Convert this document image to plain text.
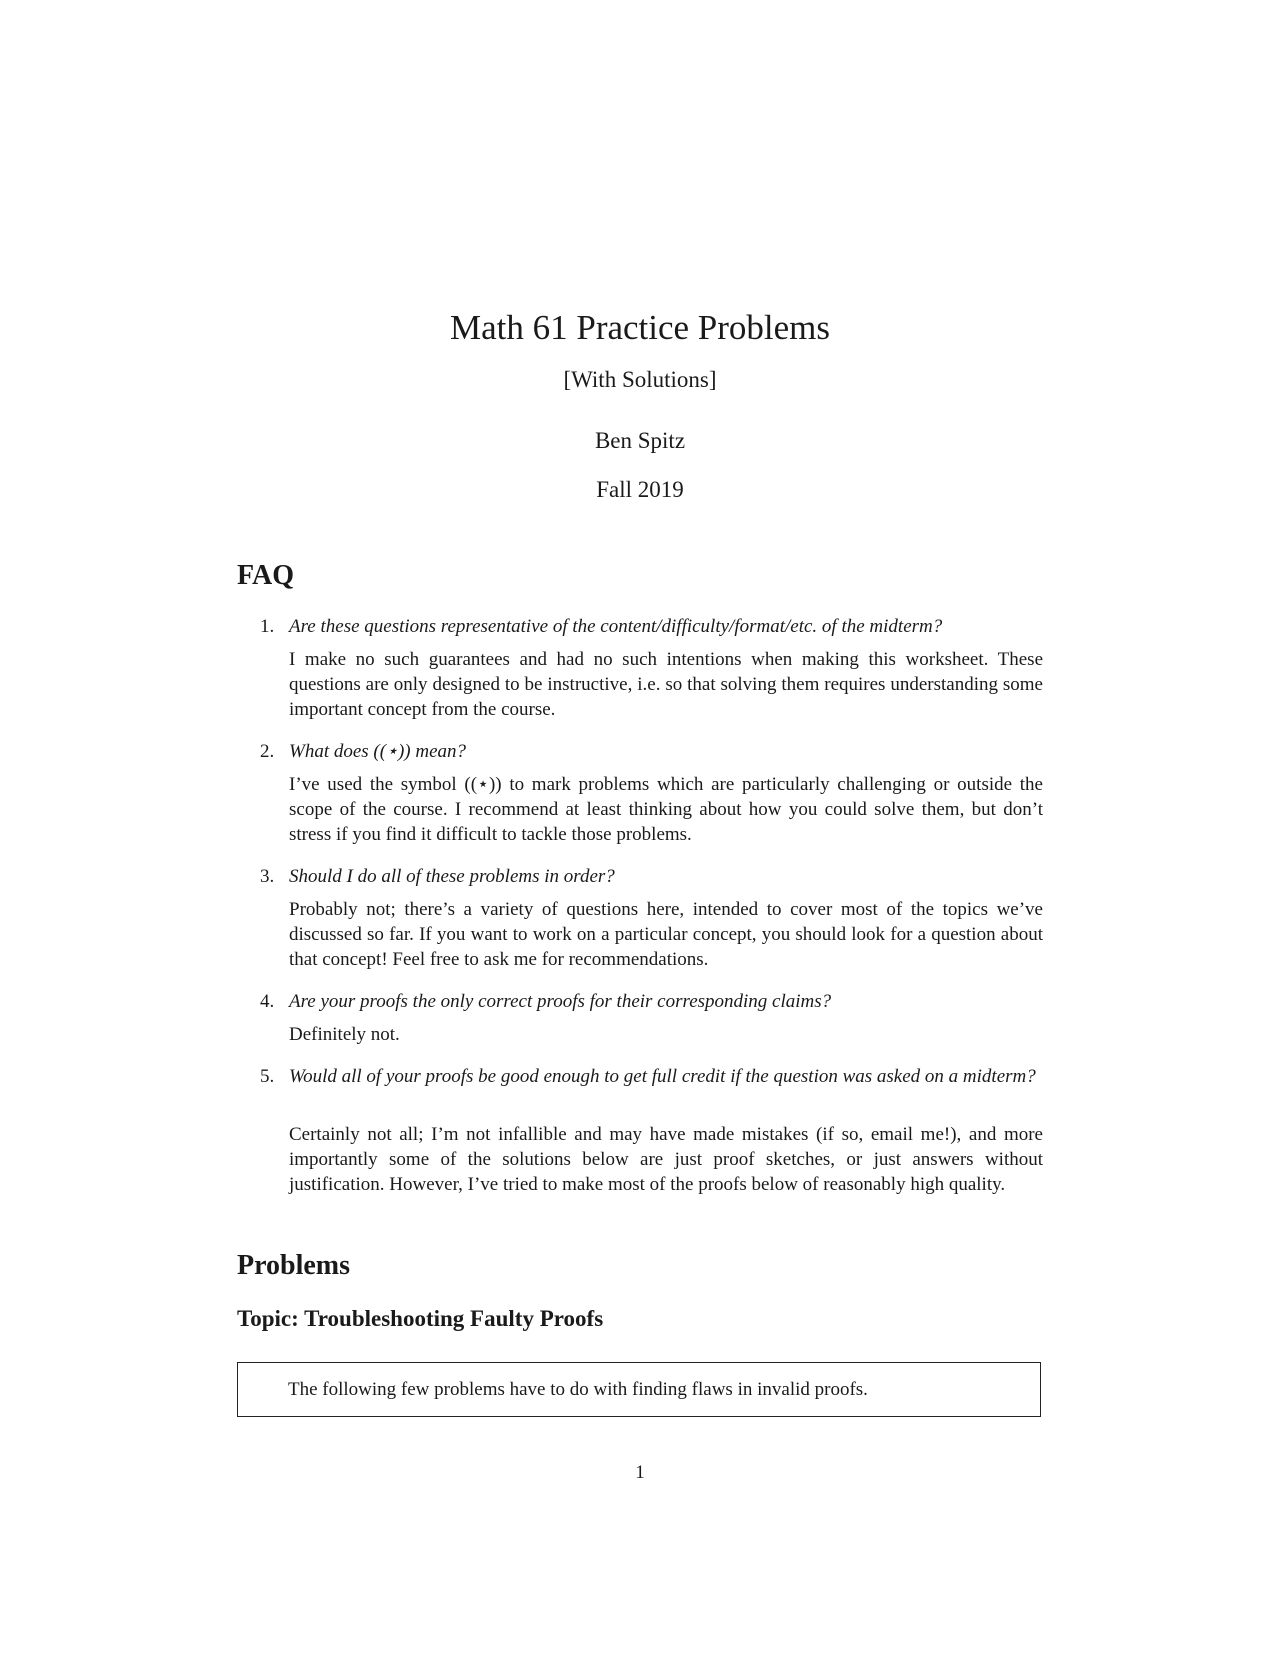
Math 61 Practice Problems
[With Solutions]
Ben Spitz
Fall 2019
FAQ
1. Are these questions representative of the content/difficulty/format/etc. of the midterm?
I make no such guarantees and had no such intentions when making this worksheet. These questions are only designed to be instructive, i.e. so that solving them requires understanding some important concept from the course.
2. What does ((⋆)) mean?
I’ve used the symbol ((⋆)) to mark problems which are particularly challenging or outside the scope of the course. I recommend at least thinking about how you could solve them, but don’t stress if you find it difficult to tackle those problems.
3. Should I do all of these problems in order?
Probably not; there’s a variety of questions here, intended to cover most of the topics we’ve discussed so far. If you want to work on a particular concept, you should look for a question about that concept! Feel free to ask me for recommendations.
4. Are your proofs the only correct proofs for their corresponding claims?
Definitely not.
5. Would all of your proofs be good enough to get full credit if the question was asked on a midterm?
Certainly not all; I’m not infallible and may have made mistakes (if so, email me!), and more importantly some of the solutions below are just proof sketches, or just answers without justification. However, I’ve tried to make most of the proofs below of reasonably high quality.
Problems
Topic: Troubleshooting Faulty Proofs
The following few problems have to do with finding flaws in invalid proofs.
1
